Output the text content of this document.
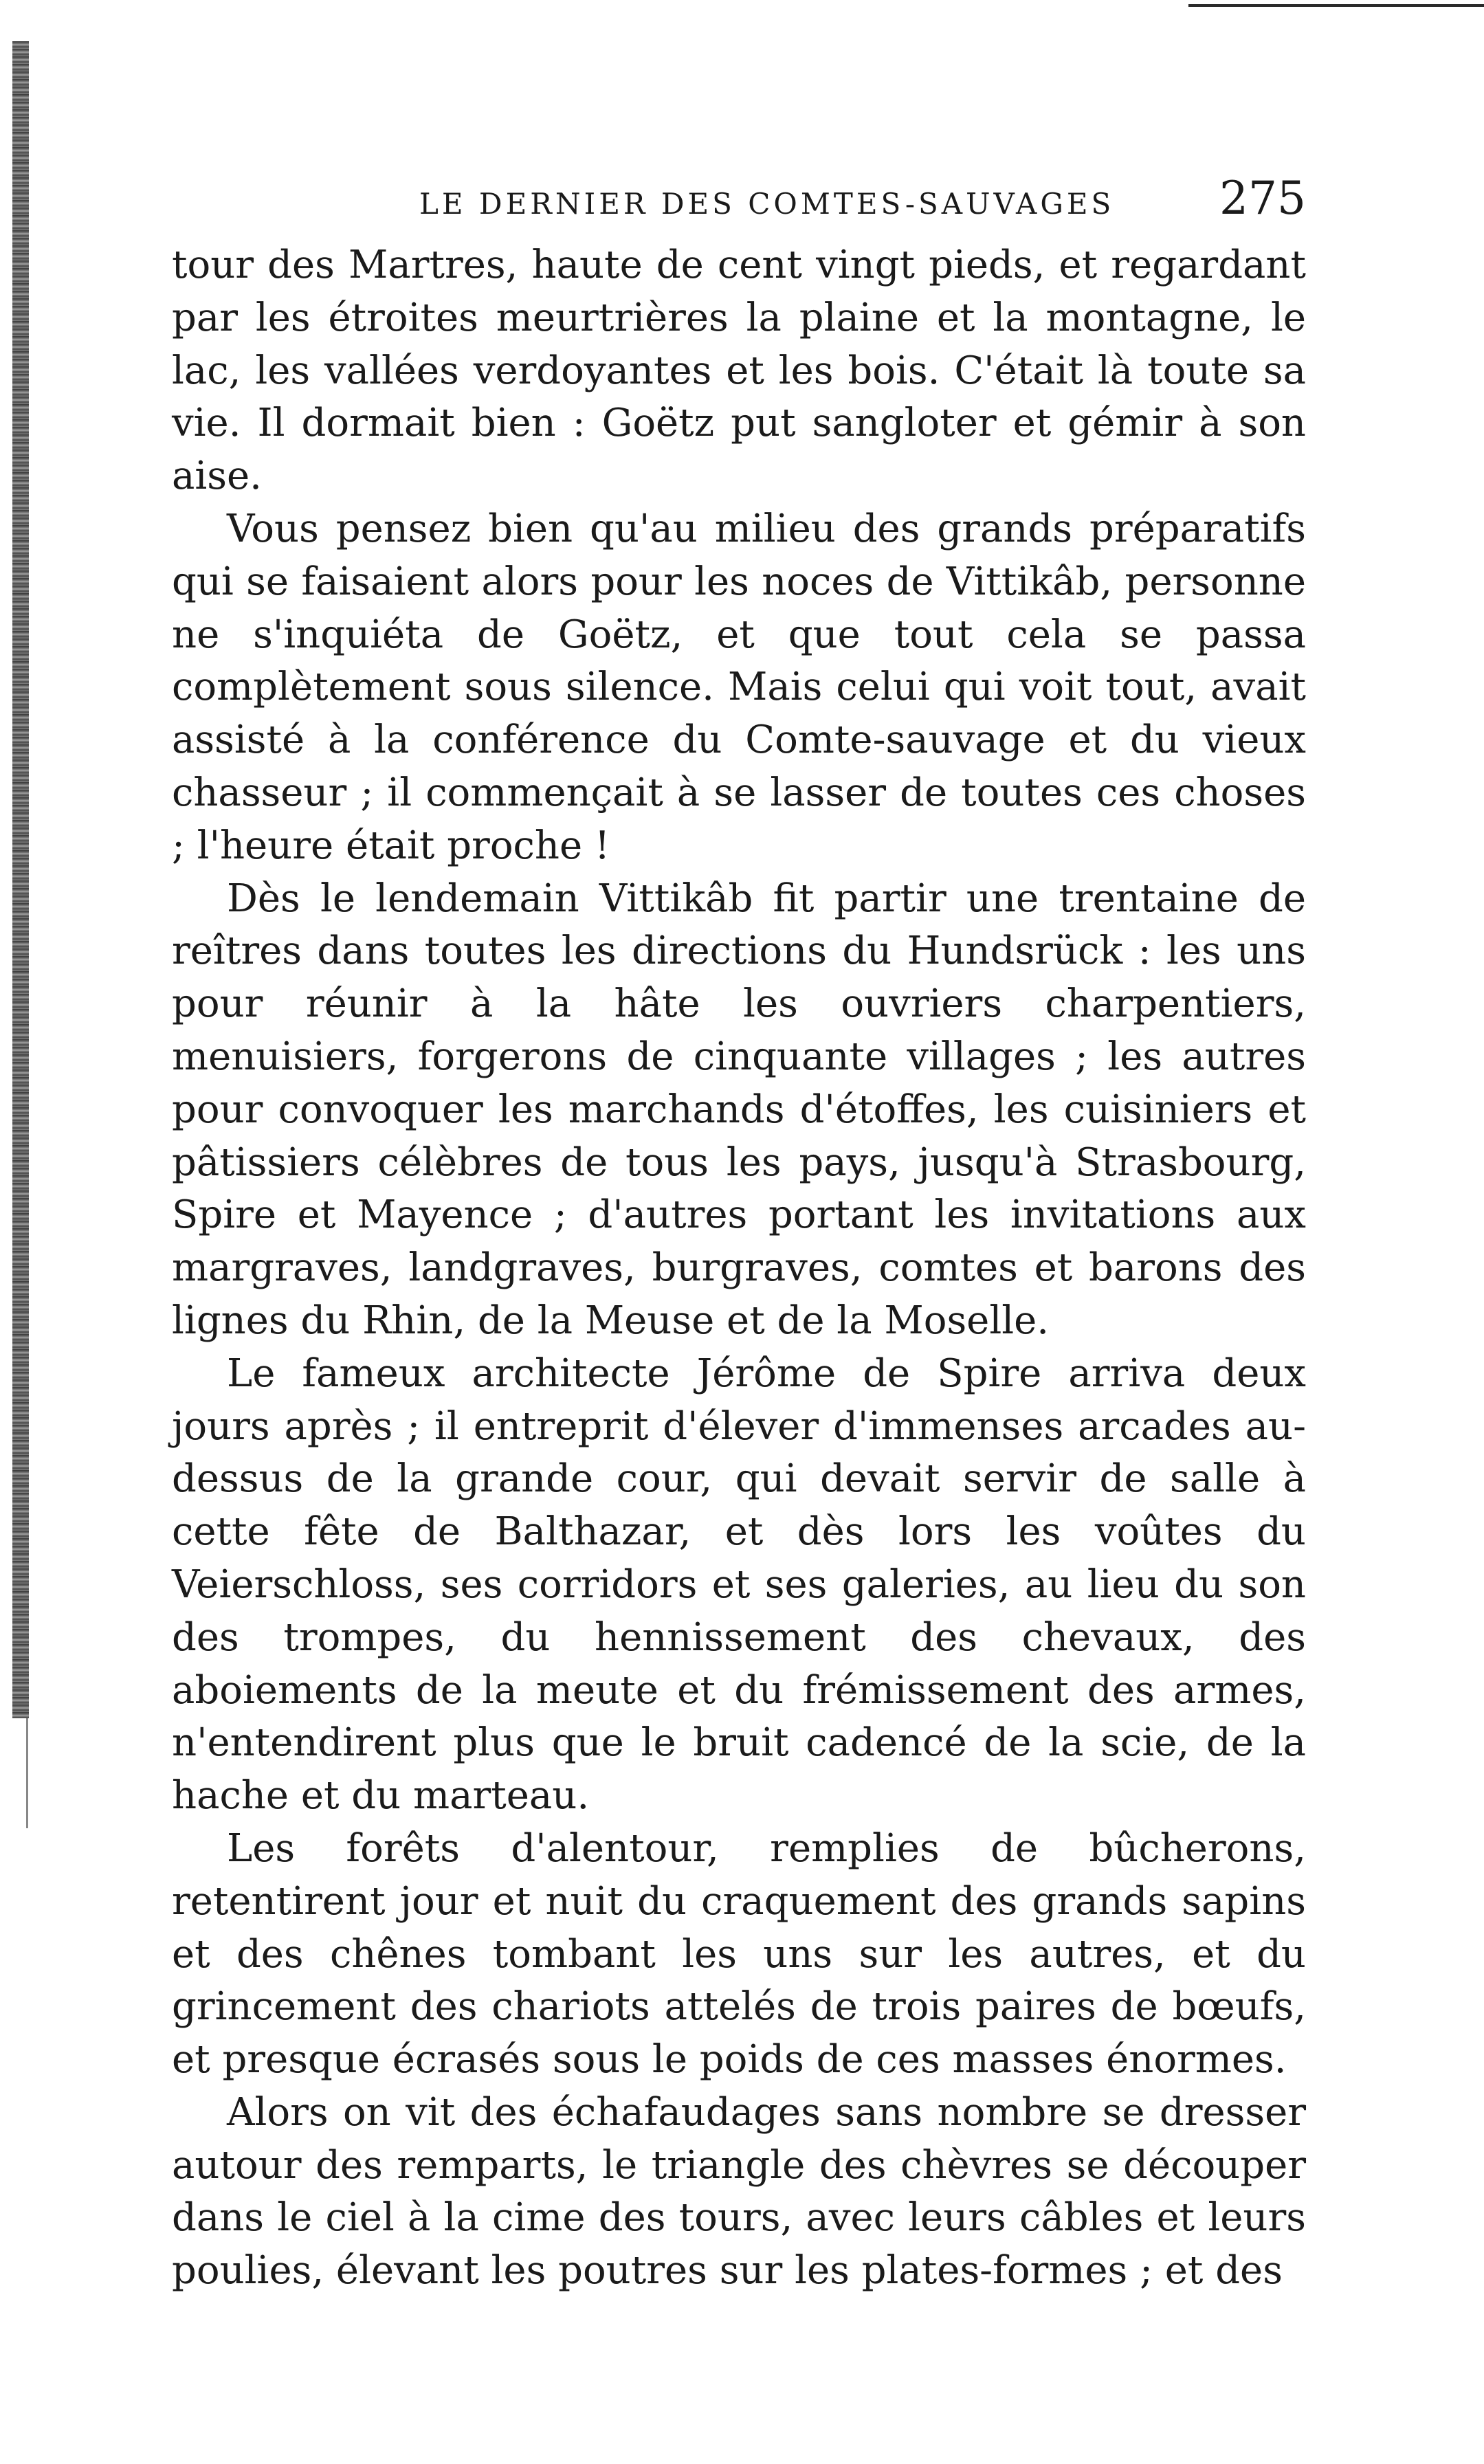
LE DERNIER DES COMTES-SAUVAGES 275

tour des Martres, haute de cent vingt pieds, et regardant par les étroites meurtrières la plaine et la montagne, le lac, les vallées verdoyantes et les bois. C'était là toute sa vie. Il dormait bien : Goëtz put sangloter et gémir à son aise.

Vous pensez bien qu'au milieu des grands préparatifs qui se faisaient alors pour les noces de Vittikâb, personne ne s'inquiéta de Goëtz, et que tout cela se passa complètement sous silence. Mais celui qui voit tout, avait assisté à la conférence du Comte-sauvage et du vieux chasseur ; il commençait à se lasser de toutes ces choses ; l'heure était proche !

Dès le lendemain Vittikâb fit partir une trentaine de reîtres dans toutes les directions du Hundsrück : les uns pour réunir à la hâte les ouvriers charpentiers, menuisiers, forgerons de cinquante villages ; les autres pour convoquer les marchands d'étoffes, les cuisiniers et pâtissiers célèbres de tous les pays, jusqu'à Strasbourg, Spire et Mayence ; d'autres portant les invitations aux margraves, landgraves, burgraves, comtes et barons des lignes du Rhin, de la Meuse et de la Moselle.

Le fameux architecte Jérôme de Spire arriva deux jours après ; il entreprit d'élever d'immenses arcades au-dessus de la grande cour, qui devait servir de salle à cette fête de Balthazar, et dès lors les voûtes du Veierschloss, ses corridors et ses galeries, au lieu du son des trompes, du hennissement des chevaux, des aboiements de la meute et du frémissement des armes, n'entendirent plus que le bruit cadencé de la scie, de la hache et du marteau.

Les forêts d'alentour, remplies de bûcherons, retentirent jour et nuit du craquement des grands sapins et des chênes tombant les uns sur les autres, et du grincement des chariots attelés de trois paires de bœufs, et presque écrasés sous le poids de ces masses énormes.

Alors on vit des échafaudages sans nombre se dresser autour des remparts, le triangle des chèvres se découper dans le ciel à la cime des tours, avec leurs câbles et leurs poulies, élevant les poutres sur les plates-formes ; et des
